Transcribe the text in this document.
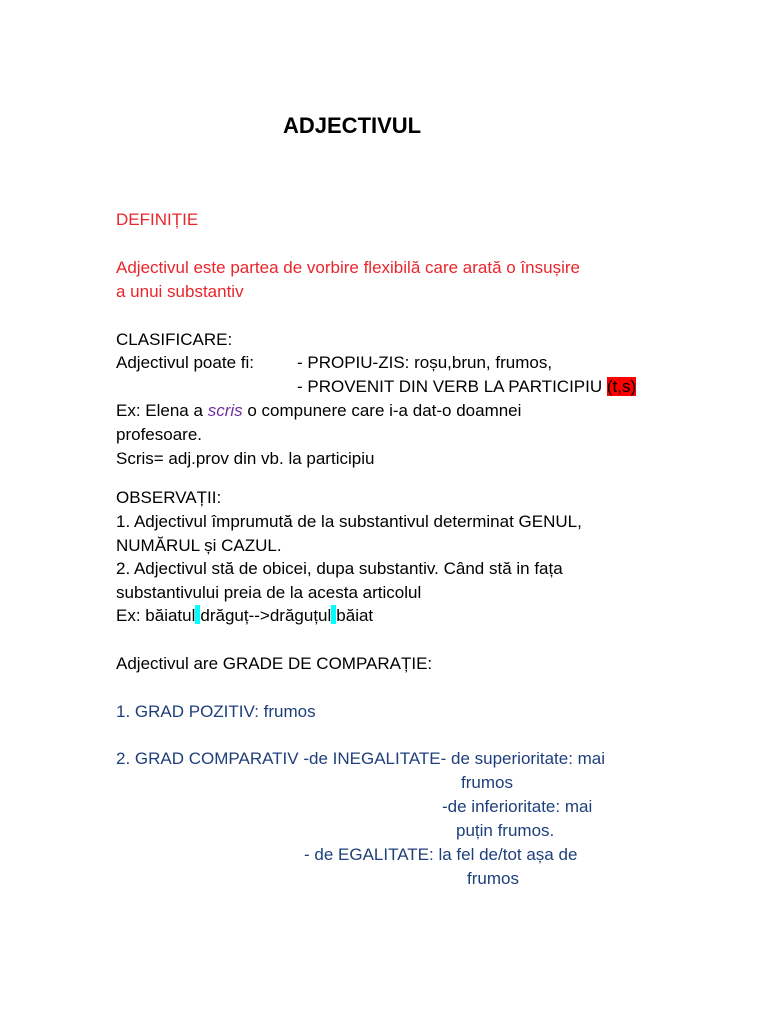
ADJECTIVUL
DEFINIȚIE
Adjectivul este partea de vorbire flexibilă care arată o însușire
a unui substantiv
CLASIFICARE:
Adjectivul poate fi:	- PROPIU-ZIS: roșu,brun, frumos,
- PROVENIT DIN VERB LA PARTICIPIU (t,s)
Ex: Elena a scris o compunere care i-a dat-o doamnei
profesoare.
Scris= adj.prov din vb. la participiu
OBSERVAȚII:
1. Adjectivul împrumută de la substantivul determinat GENUL,
NUMĂRUL și CAZUL.
2. Adjectivul stă de obicei, dupa substantiv. Când stă in fața
substantivului preia de la acesta articolul
Ex: băiatul drăguț-->drăguțul băiat
Adjectivul are GRADE DE COMPARAȚIE:
1. GRAD POZITIV: frumos
2. GRAD COMPARATIV -de INEGALITATE- de superioritate: mai
frumos
-de inferioritate: mai
puțin frumos.
- de EGALITATE: la fel de/tot așa de
frumos
